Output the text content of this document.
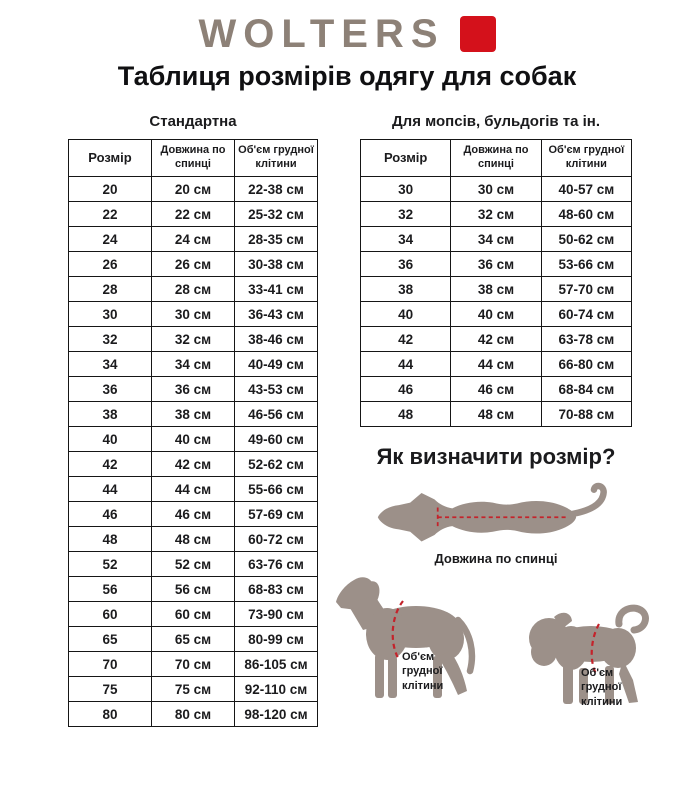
WOLTERS
Таблиця розмірів одягу для собак
Стандартна
Розмір	Довжина по спинці	Об'єм грудної клітини
20	20 см	22-38 см
22	22 см	25-32 см
24	24 см	28-35 см
26	26 см	30-38 см
28	28 см	33-41 см
30	30 см	36-43 см
32	32 см	38-46 см
34	34 см	40-49 см
36	36 см	43-53 см
38	38 см	46-56 см
40	40 см	49-60 см
42	42 см	52-62 см
44	44 см	55-66 см
46	46 см	57-69 см
48	48 см	60-72 см
52	52 см	63-76 см
56	56 см	68-83 см
60	60 см	73-90 см
65	65 см	80-99 см
70	70 см	86-105 см
75	75 см	92-110 см
80	80 см	98-120 см
Для мопсів, бульдогів та ін.
Розмір	Довжина по спинці	Об'єм грудної клітини
30	30 см	40-57 см
32	32 см	48-60 см
34	34 см	50-62 см
36	36 см	53-66 см
38	38 см	57-70 см
40	40 см	60-74 см
42	42 см	63-78 см
44	44 см	66-80 см
46	46 см	68-84 см
48	48 см	70-88 см
Як визначити розмір?
Довжина по спинці
Об'єм грудної клітини
Об'єм грудної клітини
